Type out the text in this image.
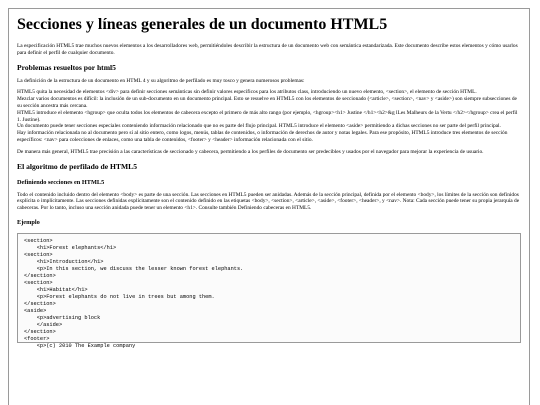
Secciones y líneas generales de un documento HTML5

La especificación HTML5 trae muchos nuevos elementos a los desarrolladores web, permitiéndoles describir la estructura de un documento web con semántica estandarizada. Este documento describe estos elementos y cómo usarlos para definir el perfil de cualquier documento.

Problemas resueltos por html5

La definición de la estructura de un documento en HTML 4 y su algoritmo de perfilado es muy tosco y genera numerosos problemas:

HTML5 quita la necesidad de elementos <div> para definir secciones semánticas sin definir valores específicos para los atributos class, introduciendo un nuevo elemento, <section>, el elemento de sección HTML.

Mezclar varios documentos es difícil: la inclusión de un sub-documento en un documento principal. Esto se resuelve en HTML5 con los elementos de seccionado (<article>, <section>, <nav> y <aside>) son siempre subsecciones de su sección ancestra más cercana.

HTML5 introduce el elemento <hgroup> que oculta todos los elementos de cabecera excepto el primero de más alto rango (por ejemplo, <hgroup><h1> Justine </h1><h2>&g lLes Malheurs de la Vertu </h2></hgroup> crea el perfil 1. Justine).

Un documento puede tener secciones especiales conteniendo información relacionado que no es parte del flujo principal. HTML5 introduce el elemento <aside> permitiendo a dichas secciones no ser parte del perfil principal.

Hay información relacionada no al documento pero sí al sitio entero, como logos, menús, tablas de contenidos, o información de derechos de autor y notas legales. Para ese propósito, HTML5 introduce tres elementos de sección específicos: <nav> para colecciones de enlaces, como una tabla de contenidos, <footer> y <header> información relacionada con el sitio.

De manera más general, HTML5 trae precisión a las características de seccionado y cabecera, permitiendo a los perfiles de documento ser predecibles y usados por el navegador para mejorar la experiencia de usuario.

El algoritmo de perfilado de HTML5
Definiendo secciones en HTML5

Todo el contenido incluido dentro del elemento <body> es parte de una sección. Las secciones en HTML5 pueden ser anidadas. Además de la sección principal, definida por el elemento <body>, los límites de la sección son definidos explícita o implícitamente. Las secciones definidas explícitamente son el contenido definido en las etiquetas <body>, <section>, <article>, <aside>, <footer>, <header>, y <nav>. Nota: Cada sección puede tener su propia jerarquía de cabeceras. Por lo tanto, incluso una sección anidada puede tener un elemento <h1>. Consulte también Definiendo cabeceras en HTML5.

Ejemplo
<section>
<h1>Forest elephants</h1>
<section>
<h1>Introduction</h1>
<p>In this section, we discuss the lesser known forest elephants.
</section>
<section>
<h1>Habitat</h1>
<p>Forest elephants do not live in trees but among them.
</section>
<aside>
<p>advertising block
</aside>
</section>
<footer>
<p>(c) 2010 The Example company
